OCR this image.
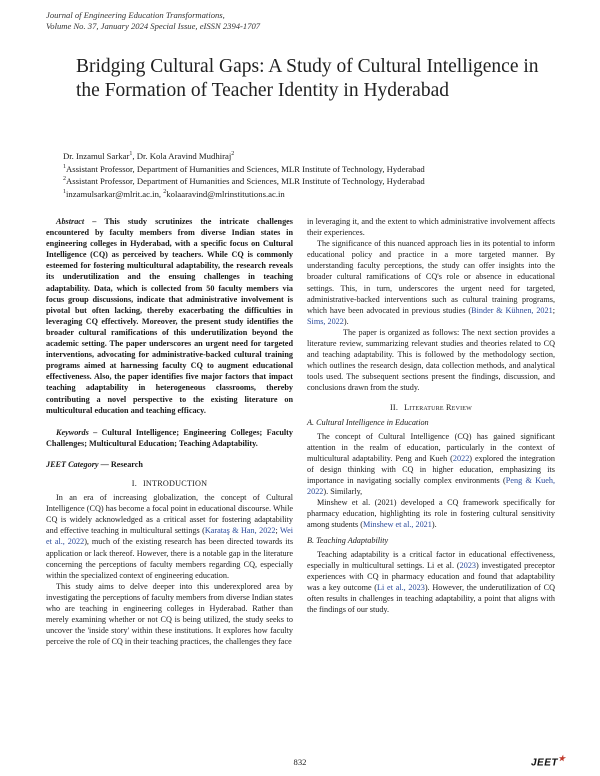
Journal of Engineering Education Transformations,
Volume No. 37, January 2024 Special Issue, eISSN 2394-1707
Bridging Cultural Gaps: A Study of Cultural Intelligence in the Formation of Teacher Identity in Hyderabad
Dr. Inzamul Sarkar$^1$, Dr. Kola Aravind Mudhiraj$^2$
$^1$Assistant Professor, Department of Humanities and Sciences, MLR Institute of Technology, Hyderabad
$^2$Assistant Professor, Department of Humanities and Sciences, MLR Institute of Technology, Hyderabad
$^1$inzamulsarkar@mlrit.ac.in, $^2$kolaaravind@mlrinstitutions.ac.in

Abstract – This study scrutinizes the intricate challenges encountered by faculty members from diverse Indian states in engineering colleges in Hyderabad, with a specific focus on Cultural Intelligence (CQ) as perceived by teachers. While CQ is commonly esteemed for fostering multicultural adaptability, the research reveals its underutilization and the ensuing challenges in teaching adaptability. Data, which is collected from 50 faculty members via focus group discussions, indicate that administrative involvement is pivotal but often lacking, thereby exacerbating the difficulties in leveraging CQ effectively. Moreover, the present study identifies the broader cultural ramifications of this underutilization beyond the academic setting. The paper underscores an urgent need for targeted interventions, advocating for administrative-backed cultural training programs aimed at harnessing faculty CQ to augment educational effectiveness. Also, the paper identifies five major factors that impact teaching adaptability in heterogeneous classrooms, thereby contributing a novel perspective to the existing literature on multicultural education and teaching efficacy.

Keywords – Cultural Intelligence; Engineering Colleges; Faculty Challenges; Multicultural Education; Teaching Adaptability.

JEET Category — Research

I. INTRODUCTION

In an era of increasing globalization, the concept of Cultural Intelligence (CQ) has become a focal point in educational discourse. While CQ is widely acknowledged as a critical asset for fostering adaptability and effective teaching in multicultural settings (Karataş & Han, 2022; Wei et al., 2022), much of the existing research has been directed towards its application or lack thereof. However, there is a notable gap in the literature concerning the perceptions of faculty members regarding CQ, especially within the specialized context of engineering education.

This study aims to delve deeper into this underexplored area by investigating the perceptions of faculty members from diverse Indian states who are teaching in engineering colleges in Hyderabad. Rather than merely examining whether or not CQ is being utilized, the study seeks to uncover the 'inside story' within these institutions. It explores how faculty perceive the role of CQ in their teaching practices, the challenges they face

in leveraging it, and the extent to which administrative involvement affects their experiences.

The significance of this nuanced approach lies in its potential to inform educational policy and practice in a more targeted manner. By understanding faculty perceptions, the study can offer insights into the broader cultural ramifications of CQ's role or absence in educational settings. This, in turn, underscores the urgent need for targeted, administrative-backed interventions such as cultural training programs, which have been advocated in previous studies (Binder & Kühnen, 2021; Sims, 2022).

The paper is organized as follows: The next section provides a literature review, summarizing relevant studies and theories related to CQ and teaching adaptability. This is followed by the methodology section, which outlines the research design, data collection methods, and analytical tools used. The subsequent sections present the findings, discussion, and conclusions drawn from the study.

II. Literature Review

A. Cultural Intelligence in Education

The concept of Cultural Intelligence (CQ) has gained significant attention in the realm of education, particularly in the context of multicultural adaptability. Peng and Kueh (2022) explored the integration of design thinking with CQ in higher education, emphasizing its importance in navigating socially complex environments (Peng & Kueh, 2022). Similarly,

Minshew et al. (2021) developed a CQ framework specifically for pharmacy education, highlighting its role in fostering cultural sensitivity among students (Minshew et al., 2021).

B. Teaching Adaptability

Teaching adaptability is a critical factor in educational effectiveness, especially in multicultural settings. Li et al. (2023) investigated preceptor experiences with CQ in pharmacy education and found that adaptability was a key outcome (Li et al., 2023). However, the underutilization of CQ often results in challenges in teaching adaptability, a point that aligns with the findings of our study.

832	JEET★
